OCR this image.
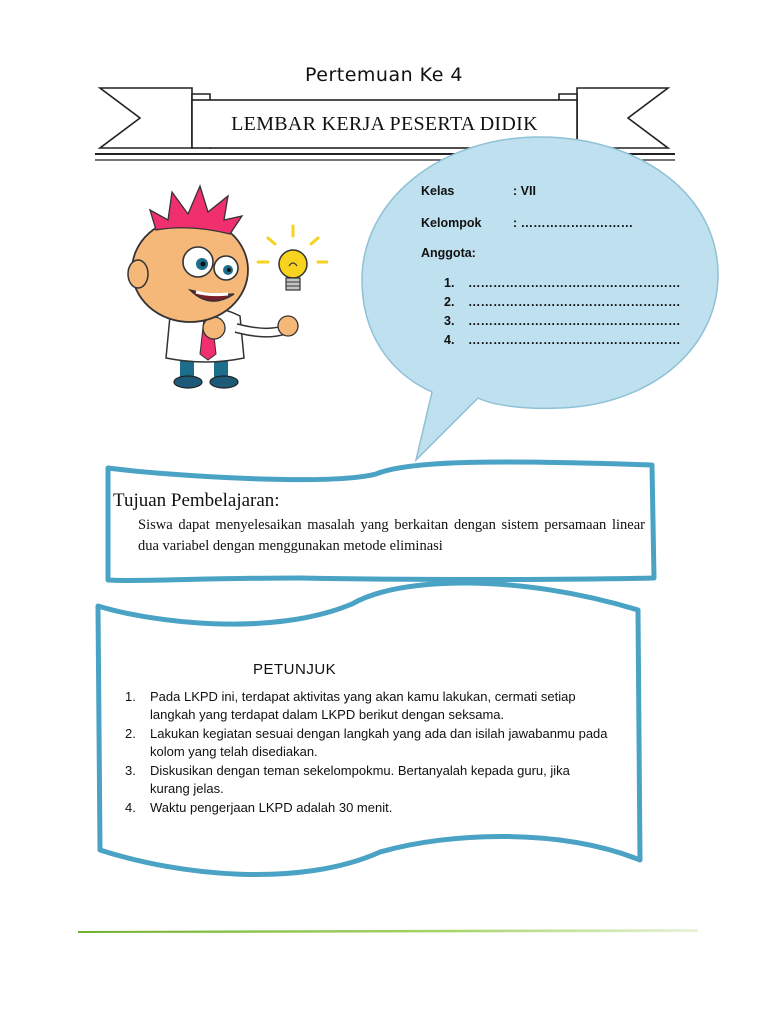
Pertemuan Ke 4
LEMBAR KERJA PESERTA DIDIK
Kelas	: VII
Kelompok	: ………………………
Anggota:
1.	……………………………………………
2.	……………………………………………
3.	……………………………………………
4.	……………………………………………
Tujuan Pembelajaran:
Siswa dapat menyelesaikan masalah yang berkaitan dengan sistem persamaan linear dua variabel dengan menggunakan metode eliminasi
PETUNJUK
1. Pada LKPD ini, terdapat aktivitas yang akan kamu lakukan, cermati setiap langkah yang terdapat dalam LKPD berikut dengan seksama.
2. Lakukan kegiatan sesuai dengan langkah yang ada dan isilah jawabanmu pada kolom yang telah disediakan.
3. Diskusikan dengan teman sekelompokmu. Bertanyalah kepada guru, jika kurang jelas.
4. Waktu pengerjaan LKPD adalah 30 menit.
